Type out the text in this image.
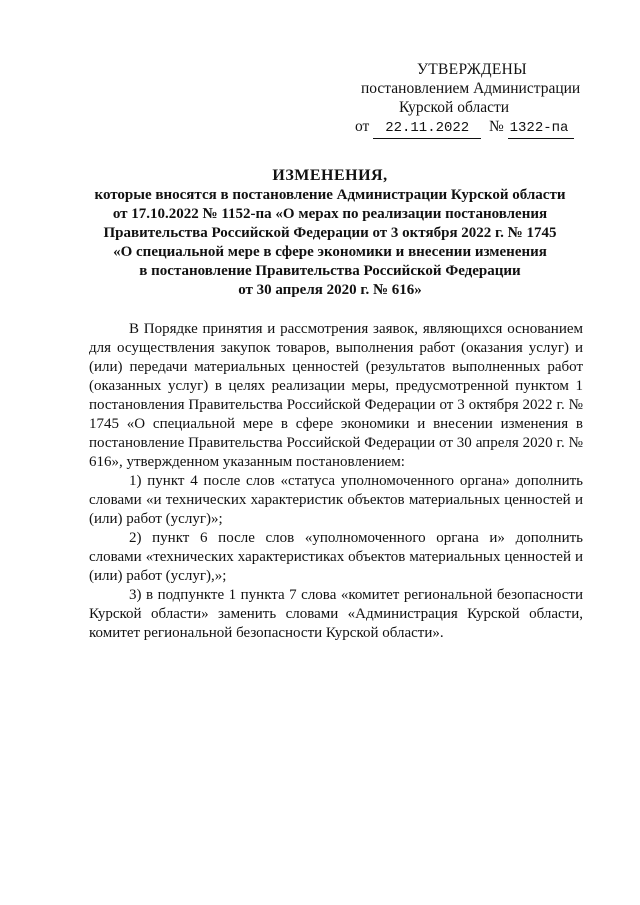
УТВЕРЖДЕНЫ
постановлением Администрации
Курской области
от 22.11.2022 № 1322-па
ИЗМЕНЕНИЯ,
которые вносятся в постановление Администрации Курской области
от 17.10.2022 № 1152-па «О мерах по реализации постановления
Правительства Российской Федерации от 3 октября 2022 г. № 1745
«О специальной мере в сфере экономики и внесении изменения
в постановление Правительства Российской Федерации
от 30 апреля 2020 г. № 616»

В Порядке принятия и рассмотрения заявок, являющихся основанием для осуществления закупок товаров, выполнения работ (оказания услуг) и (или) передачи материальных ценностей (результатов выполненных работ (оказанных услуг) в целях реализации меры, предусмотренной пунктом 1 постановления Правительства Российской Федерации от 3 октября 2022 г. № 1745 «О специальной мере в сфере экономики и внесении изменения в постановление Правительства Российской Федерации от 30 апреля 2020 г. № 616», утвержденном указанным постановлением:

1) пункт 4 после слов «статуса уполномоченного органа» дополнить словами «и технических характеристик объектов материальных ценностей и (или) работ (услуг)»;

2) пункт 6 после слов «уполномоченного органа и» дополнить словами «технических характеристиках объектов материальных ценностей и (или) работ (услуг),»;

3) в подпункте 1 пункта 7 слова «комитет региональной безопасности Курской области» заменить словами «Администрация Курской области, комитет региональной безопасности Курской области».
